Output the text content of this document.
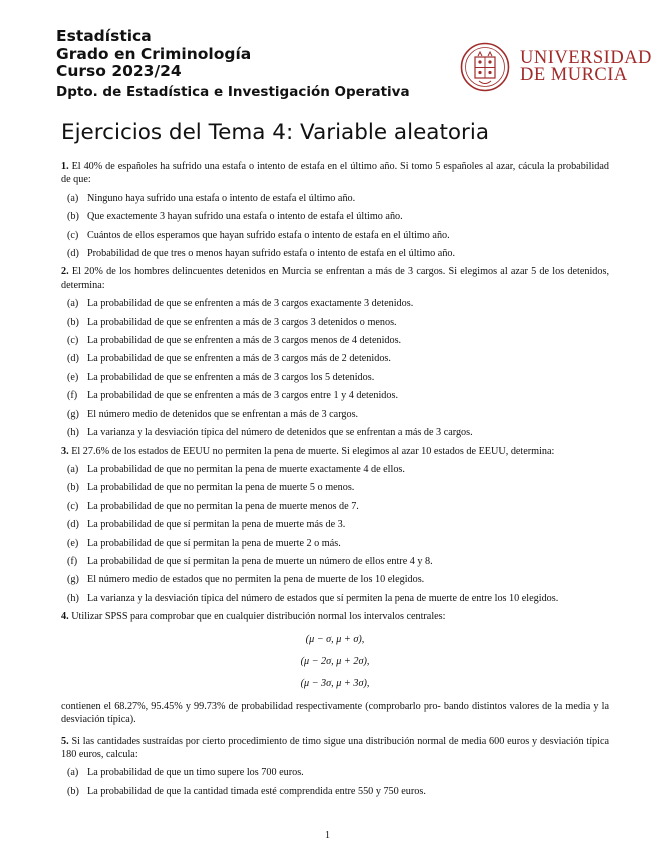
Estadística
Grado en Criminología
Curso 2023/24
Dpto. de Estadística e Investigación Operativa
UNIVERSIDAD
DE MURCIA
Ejercicios del Tema 4: Variable aleatoria

1. El 40% de españoles ha sufrido una estafa o intento de estafa en el último año. Si tomo 5 españoles al azar, cácula la probabilidad de que:

(a) Ninguno haya sufrido una estafa o intento de estafa el último año.
(b) Que exactemente 3 hayan sufrido una estafa o intento de estafa el último año.
(c) Cuántos de ellos esperamos que hayan sufrido estafa o intento de estafa en el último año.
(d) Probabilidad de que tres o menos hayan sufrido estafa o intento de estafa en el último año.

2. El 20% de los hombres delincuentes detenidos en Murcia se enfrentan a más de 3 cargos. Si elegimos al azar 5 de los detenidos, determina:

(a) La probabilidad de que se enfrenten a más de 3 cargos exactamente 3 detenidos.
(b) La probabilidad de que se enfrenten a más de 3 cargos 3 detenidos o menos.
(c) La probabilidad de que se enfrenten a más de 3 cargos menos de 4 detenidos.
(d) La probabilidad de que se enfrenten a más de 3 cargos más de 2 detenidos.
(e) La probabilidad de que se enfrenten a más de 3 cargos los 5 detenidos.
(f) La probabilidad de que se enfrenten a más de 3 cargos entre 1 y 4 detenidos.
(g) El número medio de detenidos que se enfrentan a más de 3 cargos.
(h) La varianza y la desviación típica del número de detenidos que se enfrentan a más de 3 cargos.

3. El 27.6% de los estados de EEUU no permiten la pena de muerte. Si elegimos al azar 10 estados de EEUU, determina:

(a) La probabilidad de que no permitan la pena de muerte exactamente 4 de ellos.
(b) La probabilidad de que no permitan la pena de muerte 5 o menos.
(c) La probabilidad de que no permitan la pena de muerte menos de 7.
(d) La probabilidad de que sí permitan la pena de muerte más de 3.
(e) La probabilidad de que sí permitan la pena de muerte 2 o más.
(f) La probabilidad de que sí permitan la pena de muerte un número de ellos entre 4 y 8.
(g) El número medio de estados que no permiten la pena de muerte de los 10 elegidos.
(h) La varianza y la desviación típica del número de estados que sí permiten la pena de muerte de entre los 10 elegidos.

4. Utilizar SPSS para comprobar que en cualquier distribución normal los intervalos centrales:

(μ − σ, μ + σ),
(μ − 2σ, μ + 2σ),
(μ − 3σ, μ + 3σ),

contienen el 68.27%, 95.45% y 99.73% de probabilidad respectivamente (comprobarlo pro- bando distintos valores de la media y la desviación típica).

5. Si las cantidades sustraídas por cierto procedimiento de timo sigue una distribución normal de media 600 euros y desviación típica 180 euros, calcula:

(a) La probabilidad de que un timo supere los 700 euros.
(b) La probabilidad de que la cantidad timada esté comprendida entre 550 y 750 euros.
1
